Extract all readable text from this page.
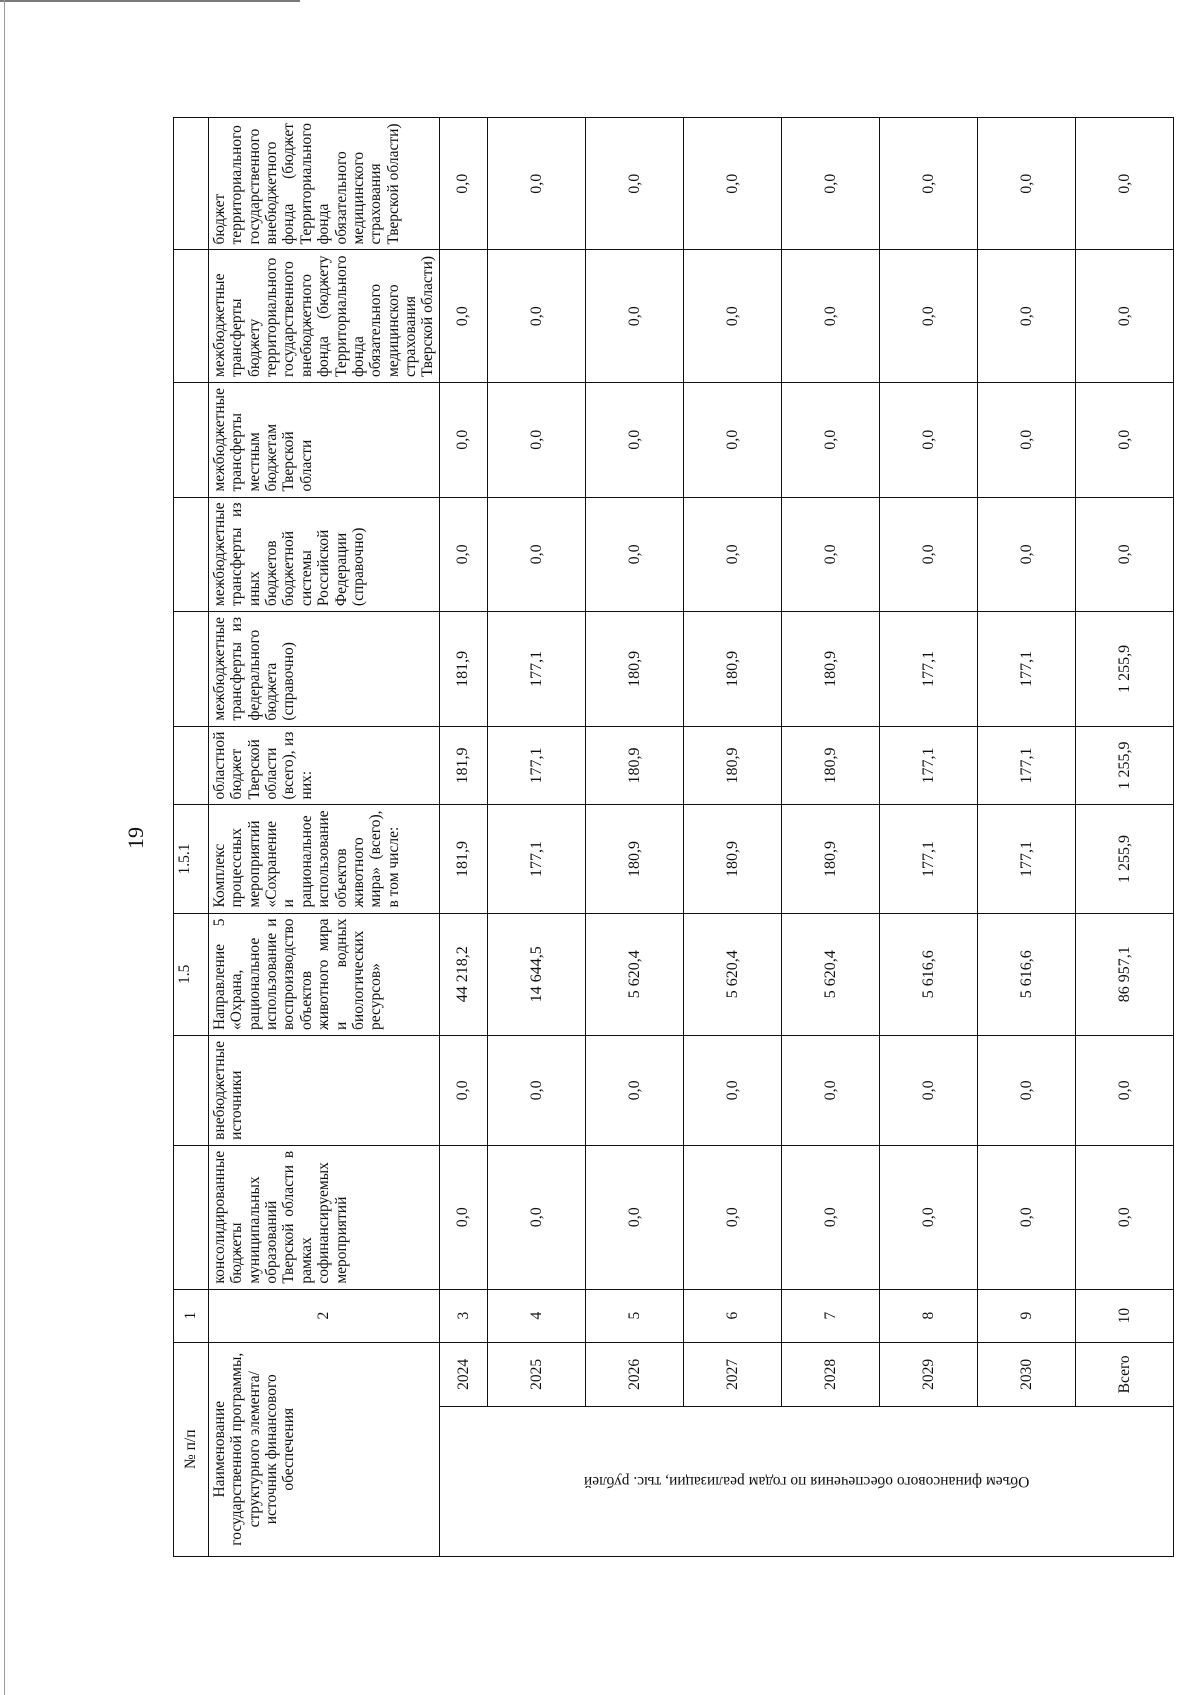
19
№ п/п		1			1.5	1.5.1						
Наименование государственной программы, структурного элемента/источник финансового обеспечения		2	консолидированные бюджеты муниципальных образований Тверской области в рамках софинансируемых мероприятий	внебюджетные источники	Направление 5 «Охрана, рациональное использование и воспроизводство объектов животного мира и водных биологических ресурсов»	Комплекс процессных мероприятий «Сохранение и рациональное использование объектов животного мира» (всего), в том числе:	областной бюджет Тверской области (всего), из них:	межбюджетные трансферты из федерального бюджета (справочно)	межбюджетные трансферты из иных бюджетов бюджетной системы Российской Федерации (справочно)	межбюджетные трансферты местным бюджетам Тверской области	межбюджетные трансферты бюджету территориального государственного внебюджетного фонда (бюджету Территориального фонда обязательного медицинского страхования Тверской области)	бюджет территориального государственного внебюджетного фонда (бюджет Территориального фонда обязательного медицинского страхования Тверской области)
Объем финансового обеспечения по годам реализации, тыс. рублей	2024	3	0,0	0,0	44 218,2	181,9	181,9	181,9	0,0	0,0	0,0	0,0
	2025	4	0,0	0,0	14 644,5	177,1	177,1	177,1	0,0	0,0	0,0	0,0
	2026	5	0,0	0,0	5 620,4	180,9	180,9	180,9	0,0	0,0	0,0	0,0
	2027	6	0,0	0,0	5 620,4	180,9	180,9	180,9	0,0	0,0	0,0	0,0
	2028	7	0,0	0,0	5 620,4	180,9	180,9	180,9	0,0	0,0	0,0	0,0
	2029	8	0,0	0,0	5 616,6	177,1	177,1	177,1	0,0	0,0	0,0	0,0
	2030	9	0,0	0,0	5 616,6	177,1	177,1	177,1	0,0	0,0	0,0	0,0
	Всего	10	0,0	0,0	86 957,1	1 255,9	1 255,9	1 255,9	0,0	0,0	0,0	0,0
